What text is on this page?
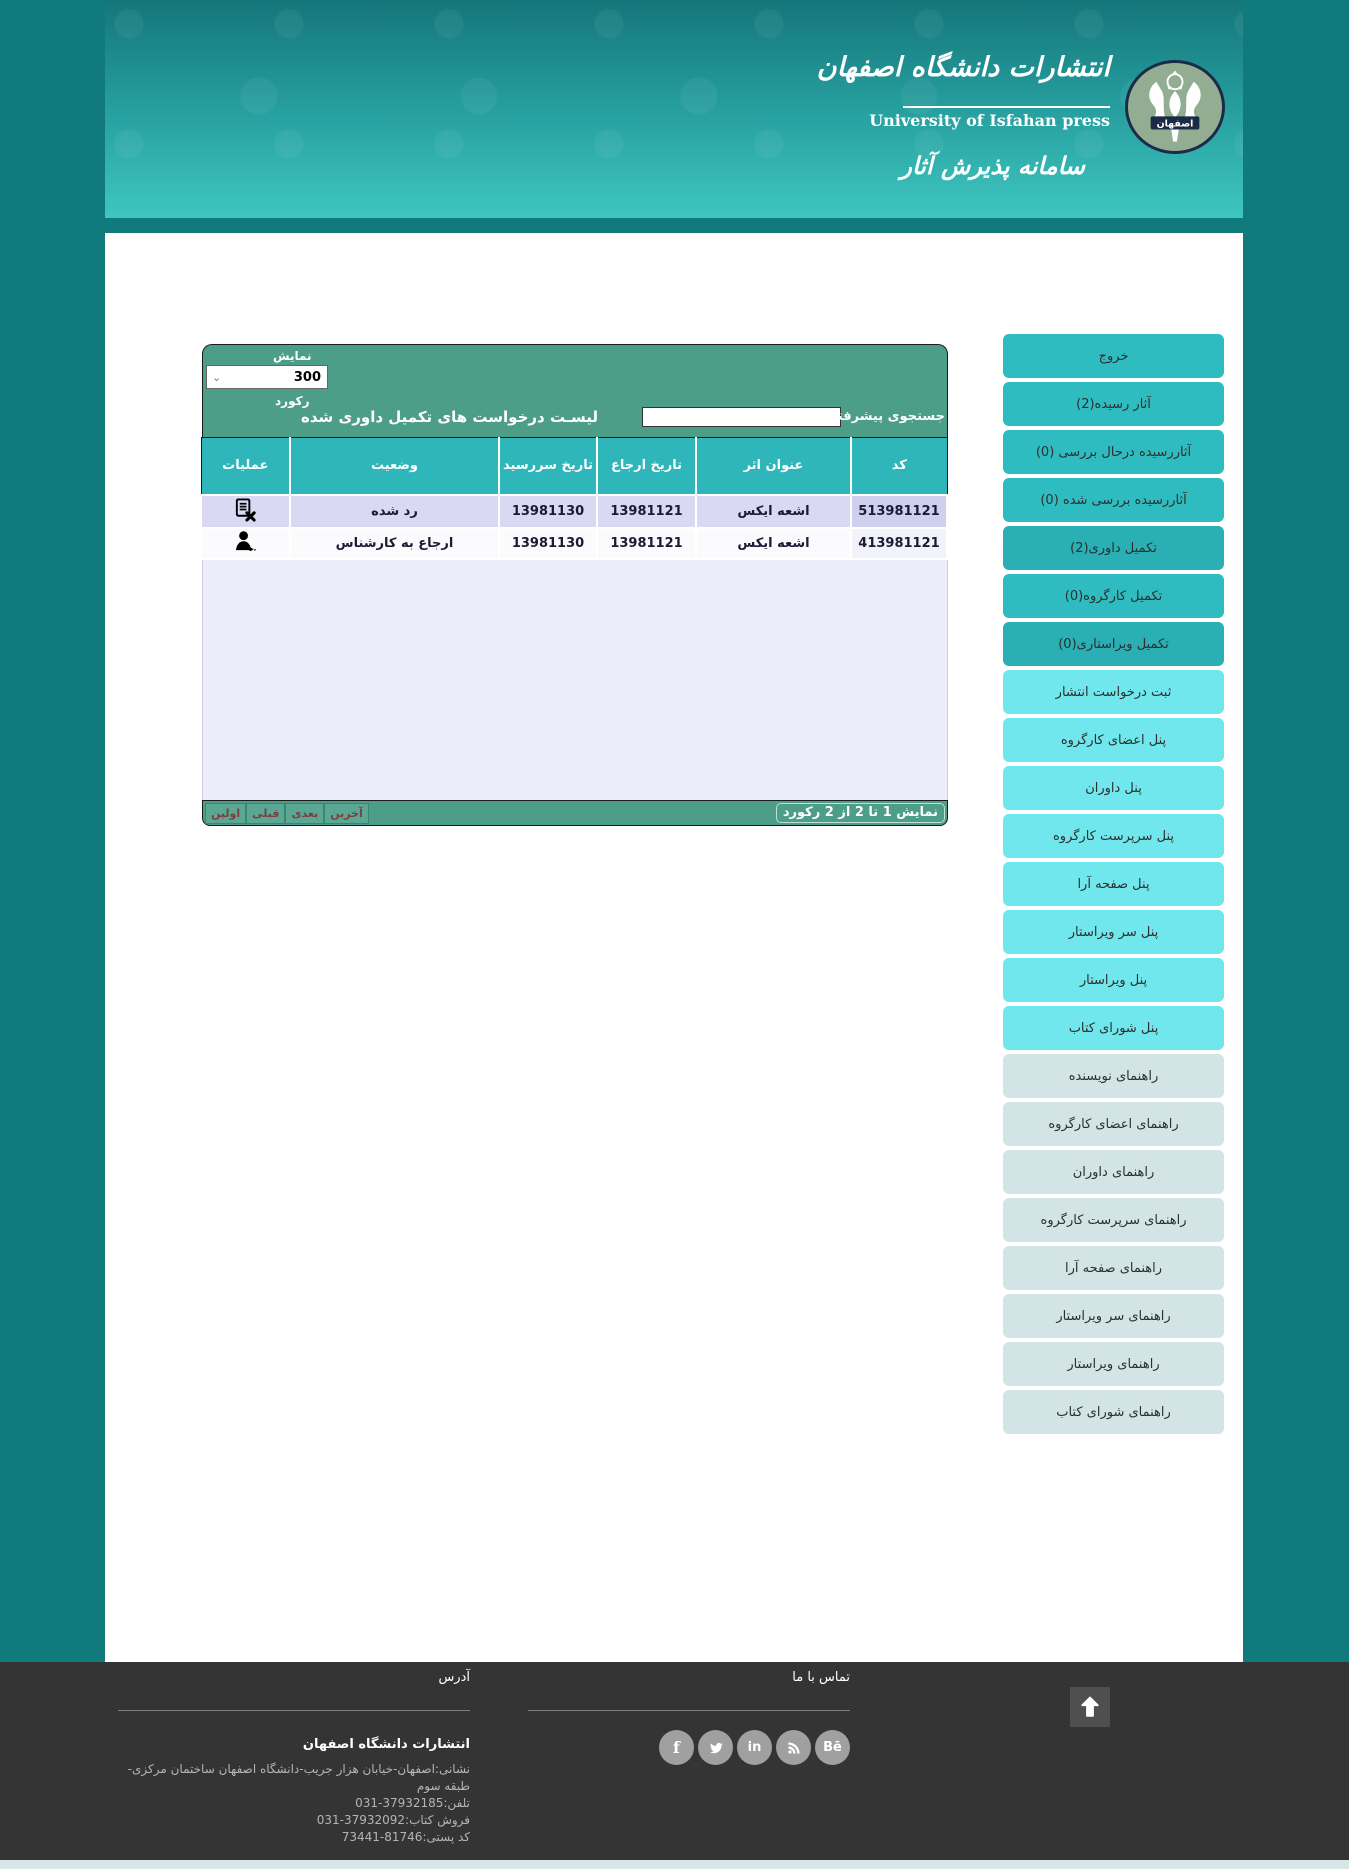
انتشارات دانشگاه اصفهان
University of Isfahan press
سامانه پذیرش آثار
اصفهان
نمایش
⌄	300
رکورد
لیسـت درخواست های تکمیل داوری شده	جستجوی پیشرفته:
کد	عنوان اثر	تاریخ ارجاع	تاریخ سررسید	وضعیت	عملیات
513981121	اشعه ایکس	13981121	13981130	رد شده	
413981121	اشعه ایکس	13981121	13981130	ارجاع به کارشناس	
نمایش 1 تا 2 از 2 رکورد
اولین	قبلی	بعدی	آخرین
خروج
آثار رسیده(2)
آثاررسیده درحال بررسی (0)
آثاررسیده بررسی شده (0)
تکمیل داوری(2)
تکمیل کارگروه(0)
تکمیل ویراستاری(0)
ثبت درخواست انتشار
پنل اعضای کارگروه
پنل داوران
پنل سرپرست کارگروه
پنل صفحه آرا
پنل سر ویراستار
پنل ویراستار
پنل شورای کتاب
راهنمای نویسنده
راهنمای اعضای کارگروه
راهنمای داوران
راهنمای سرپرست کارگروه
راهنمای صفحه آرا
راهنمای سر ویراستار
راهنمای ویراستار
راهنمای شورای کتاب
آدرس
انتشارات دانشگاه اصفهان
نشانی:اصفهان-خیابان هزار جریب-دانشگاه اصفهان ساختمان مرکزی-طبقه سوم
تلفن:37932185-031
فروش کتاب:37932092-031
کد پستی:81746-73441
تماس با ما
f	in	Bē
